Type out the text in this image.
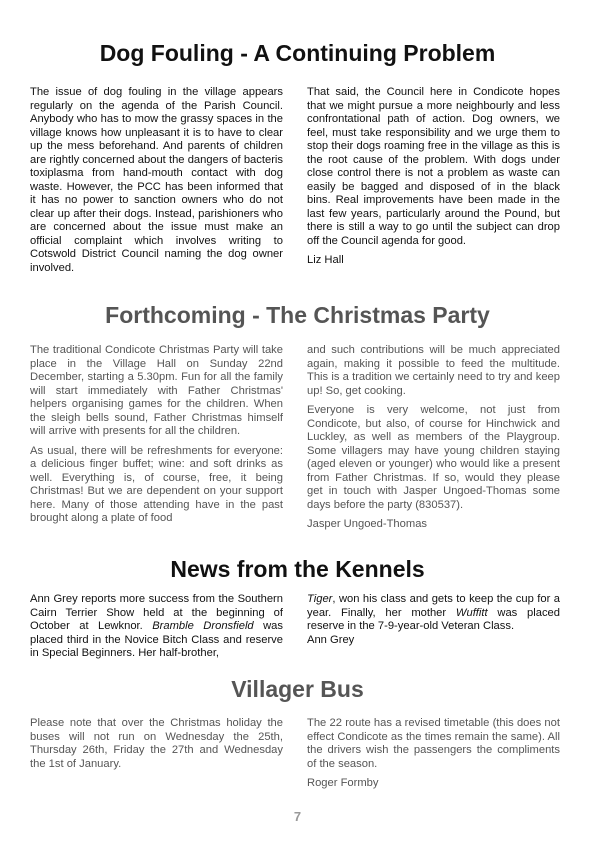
Dog Fouling - A Continuing Problem

The issue of dog fouling in the village appears regularly on the agenda of the Parish Council. Anybody who has to mow the grassy spaces in the village knows how unpleasant it is to have to clear up the mess beforehand. And parents of children are rightly concerned about the dangers of bacteris toxiplasma from hand-mouth contact with dog waste. However, the PCC has been informed that it has no power to sanction owners who do not clear up after their dogs. Instead, parishioners who are concerned about the issue must make an official complaint which involves writing to Cotswold District Council naming the dog owner involved.

That said, the Council here in Condicote hopes that we might pursue a more neighbourly and less confrontational path of action. Dog owners, we feel, must take responsibility and we urge them to stop their dogs roaming free in the village as this is the root cause of the problem. With dogs under close control there is not a problem as waste can easily be bagged and disposed of in the black bins. Real improvements have been made in the last few years, particularly around the Pound, but there is still a way to go until the subject can drop off the Council agenda for good.

Liz Hall
Forthcoming - The Christmas Party

The traditional Condicote Christmas Party will take place in the Village Hall on Sunday 22nd December, starting a 5.30pm. Fun for all the family will start immediately with Father Christmas' helpers organising games for the children. When the sleigh bells sound, Father Christmas himself will arrive with presents for all the children.

As usual, there will be refreshments for everyone: a delicious finger buffet; wine: and soft drinks as well. Everything is, of course, free, it being Christmas! But we are dependent on your support here. Many of those attending have in the past brought along a plate of food

and such contributions will be much appreciated again, making it possible to feed the multitude. This is a tradition we certainly need to try and keep up! So, get cooking.

Everyone is very welcome, not just from Condicote, but also, of course for Hinchwick and Luckley, as well as members of the Playgroup. Some villagers may have young children staying (aged eleven or younger) who would like a present from Father Christmas. If so, would they please get in touch with Jasper Ungoed-Thomas some days before the party (830537).

Jasper Ungoed-Thomas
News from the Kennels

Ann Grey reports more success from the Southern Cairn Terrier Show held at the beginning of October at Lewknor. Bramble Dronsfield was placed third in the Novice Bitch Class and reserve in Special Beginners. Her half-brother,

Tiger, won his class and gets to keep the cup for a year. Finally, her mother Wuffitt was placed reserve in the 7-9-year-old Veteran Class.

Ann Grey
Villager Bus

Please note that over the Christmas holiday the buses will not run on Wednesday the 25th, Thursday 26th, Friday the 27th and Wednesday the 1st of January.

The 22 route has a revised timetable (this does not effect Condicote as the times remain the same). All the drivers wish the passengers the compliments of the season.

Roger Formby
7
